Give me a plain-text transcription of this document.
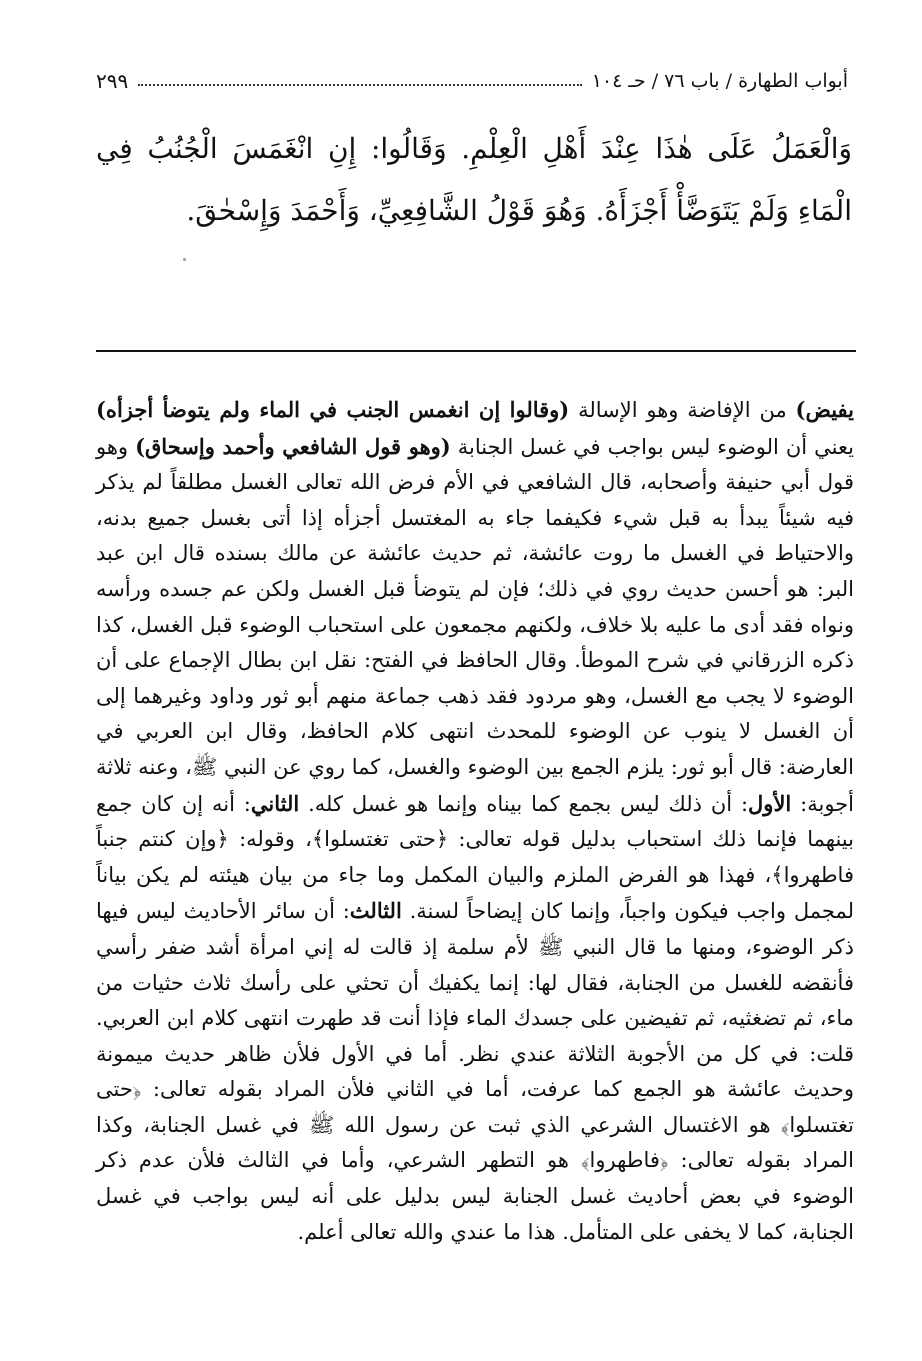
أبواب الطهارة / باب ٧٦ / حـ ١٠٤
٢٩٩

وَالْعَمَلُ عَلَى هٰذَا عِنْدَ أَهْلِ الْعِلْمِ. وَقَالُوا: إِنِ انْغَمَسَ الْجُنُبُ فِي الْمَاءِ وَلَمْ يَتَوَضَّأْ أَجْزَأَهُ. وَهُوَ قَوْلُ الشَّافِعِيِّ، وَأَحْمَدَ وَإِسْحٰقَ.

يفيض) من الإفاضة وهو الإسالة (وقالوا إن انغمس الجنب في الماء ولم يتوضأ أجزأه) يعني أن الوضوء ليس بواجب في غسل الجنابة (وهو قول الشافعي وأحمد وإسحاق) وهو قول أبي حنيفة وأصحابه، قال الشافعي في الأم فرض الله تعالى الغسل مطلقاً لم يذكر فيه شيئاً يبدأ به قبل شيء فكيفما جاء به المغتسل أجزأه إذا أتى بغسل جميع بدنه، والاحتياط في الغسل ما روت عائشة، ثم حديث عائشة عن مالك بسنده قال ابن عبد البر: هو أحسن حديث روي في ذلك؛ فإن لم يتوضأ قبل الغسل ولكن عم جسده ورأسه ونواه فقد أدى ما عليه بلا خلاف، ولكنهم مجمعون على استحباب الوضوء قبل الغسل، كذا ذكره الزرقاني في شرح الموطأ. وقال الحافظ في الفتح: نقل ابن بطال الإجماع على أن الوضوء لا يجب مع الغسل، وهو مردود فقد ذهب جماعة منهم أبو ثور وداود وغيرهما إلى أن الغسل لا ينوب عن الوضوء للمحدث انتهى كلام الحافظ، وقال ابن العربي في العارضة: قال أبو ثور: يلزم الجمع بين الوضوء والغسل، كما روي عن النبي ﷺ، وعنه ثلاثة أجوبة: الأول: أن ذلك ليس بجمع كما بيناه وإنما هو غسل كله. الثاني: أنه إن كان جمع بينهما فإنما ذلك استحباب بدليل قوله تعالى: ﴿حتى تغتسلوا﴾، وقوله: ﴿وإن كنتم جنباً فاطهروا﴾، فهذا هو الفرض الملزم والبيان المكمل وما جاء من بيان هيئته لم يكن بياناً لمجمل واجب فيكون واجباً، وإنما كان إيضاحاً لسنة. الثالث: أن سائر الأحاديث ليس فيها ذكر الوضوء، ومنها ما قال النبي ﷺ لأم سلمة إذ قالت له إني امرأة أشد ضفر رأسي فأنقضه للغسل من الجنابة، فقال لها: إنما يكفيك أن تحثي على رأسك ثلاث حثيات من ماء، ثم تضغثيه، ثم تفيضين على جسدك الماء فإذا أنت قد طهرت انتهى كلام ابن العربي. قلت: في كل من الأجوبة الثلاثة عندي نظر. أما في الأول فلأن ظاهر حديث ميمونة وحديث عائشة هو الجمع كما عرفت، أما في الثاني فلأن المراد بقوله تعالى: ﴿حتى تغتسلوا﴾ هو الاغتسال الشرعي الذي ثبت عن رسول الله ﷺ في غسل الجنابة، وكذا المراد بقوله تعالى: ﴿فاطهروا﴾ هو التطهر الشرعي، وأما في الثالث فلأن عدم ذكر الوضوء في بعض أحاديث غسل الجنابة ليس بدليل على أنه ليس بواجب في غسل الجنابة، كما لا يخفى على المتأمل. هذا ما عندي والله تعالى أعلم.
